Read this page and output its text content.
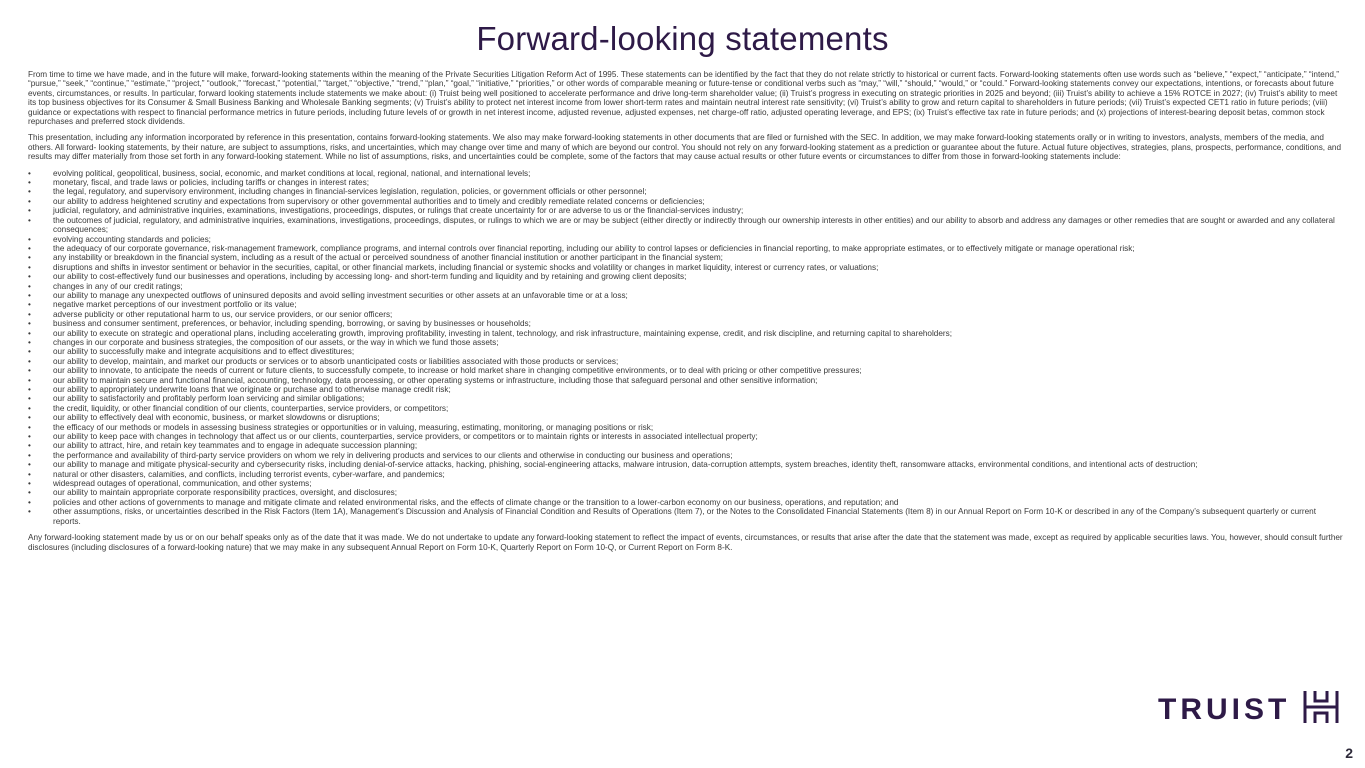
Forward-looking statements

From time to time we have made, and in the future will make, forward-looking statements within the meaning of the Private Securities Litigation Reform Act of 1995. These statements can be identified by the fact that they do not relate strictly to historical or current facts. Forward-looking statements often use words such as “believe,” “expect,” “anticipate,” “intend,” “pursue,” “seek,” “continue,” “estimate,” “project,” “outlook,” “forecast,” “potential,” “target,” “objective,” “trend,” “plan,” “goal,” “initiative,” “priorities,” or other words of comparable meaning or future-tense or conditional verbs such as “may,” “will,” “should,” “would,” or “could.” Forward-looking statements convey our expectations, intentions, or forecasts about future events, circumstances, or results. In particular, forward looking statements include statements we make about: (i) Truist being well positioned to accelerate performance and drive long-term shareholder value; (ii) Truist’s progress in executing on strategic priorities in 2025 and beyond; (iii) Truist’s ability to achieve a 15% ROTCE in 2027; (iv) Truist’s ability to meet its top business objectives for its Consumer & Small Business Banking and Wholesale Banking segments; (v) Truist’s ability to protect net interest income from lower short-term rates and maintain neutral interest rate sensitivity; (vi) Truist’s ability to grow and return capital to shareholders in future periods; (vii) Truist’s expected CET1 ratio in future periods; (viii) guidance or expectations with respect to financial performance metrics in future periods, including future levels of or growth in net interest income, adjusted revenue, adjusted expenses, net charge-off ratio, adjusted operating leverage, and EPS; (ix) Truist’s effective tax rate in future periods; and (x) projections of interest-bearing deposit betas, common stock repurchases and preferred stock dividends.

This presentation, including any information incorporated by reference in this presentation, contains forward-looking statements. We also may make forward-looking statements in other documents that are filed or furnished with the SEC. In addition, we may make forward-looking statements orally or in writing to investors, analysts, members of the media, and others. All forward- looking statements, by their nature, are subject to assumptions, risks, and uncertainties, which may change over time and many of which are beyond our control. You should not rely on any forward-looking statement as a prediction or guarantee about the future. Actual future objectives, strategies, plans, prospects, performance, conditions, and results may differ materially from those set forth in any forward-looking statement. While no list of assumptions, risks, and uncertainties could be complete, some of the factors that may cause actual results or other future events or circumstances to differ from those in forward-looking statements include:

• evolving political, geopolitical, business, social, economic, and market conditions at local, regional, national, and international levels;
• monetary, fiscal, and trade laws or policies, including tariffs or changes in interest rates;
• the legal, regulatory, and supervisory environment, including changes in financial-services legislation, regulation, policies, or government officials or other personnel;
• our ability to address heightened scrutiny and expectations from supervisory or other governmental authorities and to timely and credibly remediate related concerns or deficiencies;
• judicial, regulatory, and administrative inquiries, examinations, investigations, proceedings, disputes, or rulings that create uncertainty for or are adverse to us or the financial-services industry;
• the outcomes of judicial, regulatory, and administrative inquiries, examinations, investigations, proceedings, disputes, or rulings to which we are or may be subject (either directly or indirectly through our ownership interests in other entities) and our ability to absorb and address any damages or other remedies that are sought or awarded and any collateral consequences;
• evolving accounting standards and policies;
• the adequacy of our corporate governance, risk-management framework, compliance programs, and internal controls over financial reporting, including our ability to control lapses or deficiencies in financial reporting, to make appropriate estimates, or to effectively mitigate or manage operational risk;
• any instability or breakdown in the financial system, including as a result of the actual or perceived soundness of another financial institution or another participant in the financial system;
• disruptions and shifts in investor sentiment or behavior in the securities, capital, or other financial markets, including financial or systemic shocks and volatility or changes in market liquidity, interest or currency rates, or valuations;
• our ability to cost-effectively fund our businesses and operations, including by accessing long- and short-term funding and liquidity and by retaining and growing client deposits;
• changes in any of our credit ratings;
• our ability to manage any unexpected outflows of uninsured deposits and avoid selling investment securities or other assets at an unfavorable time or at a loss;
• negative market perceptions of our investment portfolio or its value;
• adverse publicity or other reputational harm to us, our service providers, or our senior officers;
• business and consumer sentiment, preferences, or behavior, including spending, borrowing, or saving by businesses or households;
• our ability to execute on strategic and operational plans, including accelerating growth, improving profitability, investing in talent, technology, and risk infrastructure, maintaining expense, credit, and risk discipline, and returning capital to shareholders;
• changes in our corporate and business strategies, the composition of our assets, or the way in which we fund those assets;
• our ability to successfully make and integrate acquisitions and to effect divestitures;
• our ability to develop, maintain, and market our products or services or to absorb unanticipated costs or liabilities associated with those products or services;
• our ability to innovate, to anticipate the needs of current or future clients, to successfully compete, to increase or hold market share in changing competitive environments, or to deal with pricing or other competitive pressures;
• our ability to maintain secure and functional financial, accounting, technology, data processing, or other operating systems or infrastructure, including those that safeguard personal and other sensitive information;
• our ability to appropriately underwrite loans that we originate or purchase and to otherwise manage credit risk;
• our ability to satisfactorily and profitably perform loan servicing and similar obligations;
• the credit, liquidity, or other financial condition of our clients, counterparties, service providers, or competitors;
• our ability to effectively deal with economic, business, or market slowdowns or disruptions;
• the efficacy of our methods or models in assessing business strategies or opportunities or in valuing, measuring, estimating, monitoring, or managing positions or risk;
• our ability to keep pace with changes in technology that affect us or our clients, counterparties, service providers, or competitors or to maintain rights or interests in associated intellectual property;
• our ability to attract, hire, and retain key teammates and to engage in adequate succession planning;
• the performance and availability of third-party service providers on whom we rely in delivering products and services to our clients and otherwise in conducting our business and operations;
• our ability to manage and mitigate physical-security and cybersecurity risks, including denial-of-service attacks, hacking, phishing, social-engineering attacks, malware intrusion, data-corruption attempts, system breaches, identity theft, ransomware attacks, environmental conditions, and intentional acts of destruction;
• natural or other disasters, calamities, and conflicts, including terrorist events, cyber-warfare, and pandemics;
• widespread outages of operational, communication, and other systems;
• our ability to maintain appropriate corporate responsibility practices, oversight, and disclosures;
• policies and other actions of governments to manage and mitigate climate and related environmental risks, and the effects of climate change or the transition to a lower-carbon economy on our business, operations, and reputation; and
• other assumptions, risks, or uncertainties described in the Risk Factors (Item 1A), Management’s Discussion and Analysis of Financial Condition and Results of Operations (Item 7), or the Notes to the Consolidated Financial Statements (Item 8) in our Annual Report on Form 10-K or described in any of the Company’s subsequent quarterly or current reports.

Any forward-looking statement made by us or on our behalf speaks only as of the date that it was made. We do not undertake to update any forward-looking statement to reflect the impact of events, circumstances, or results that arise after the date that the statement was made, except as required by applicable securities laws. You, however, should consult further disclosures (including disclosures of a forward-looking nature) that we may make in any subsequent Annual Report on Form 10-K, Quarterly Report on Form 10-Q, or Current Report on Form 8-K.

TRUIST
2
